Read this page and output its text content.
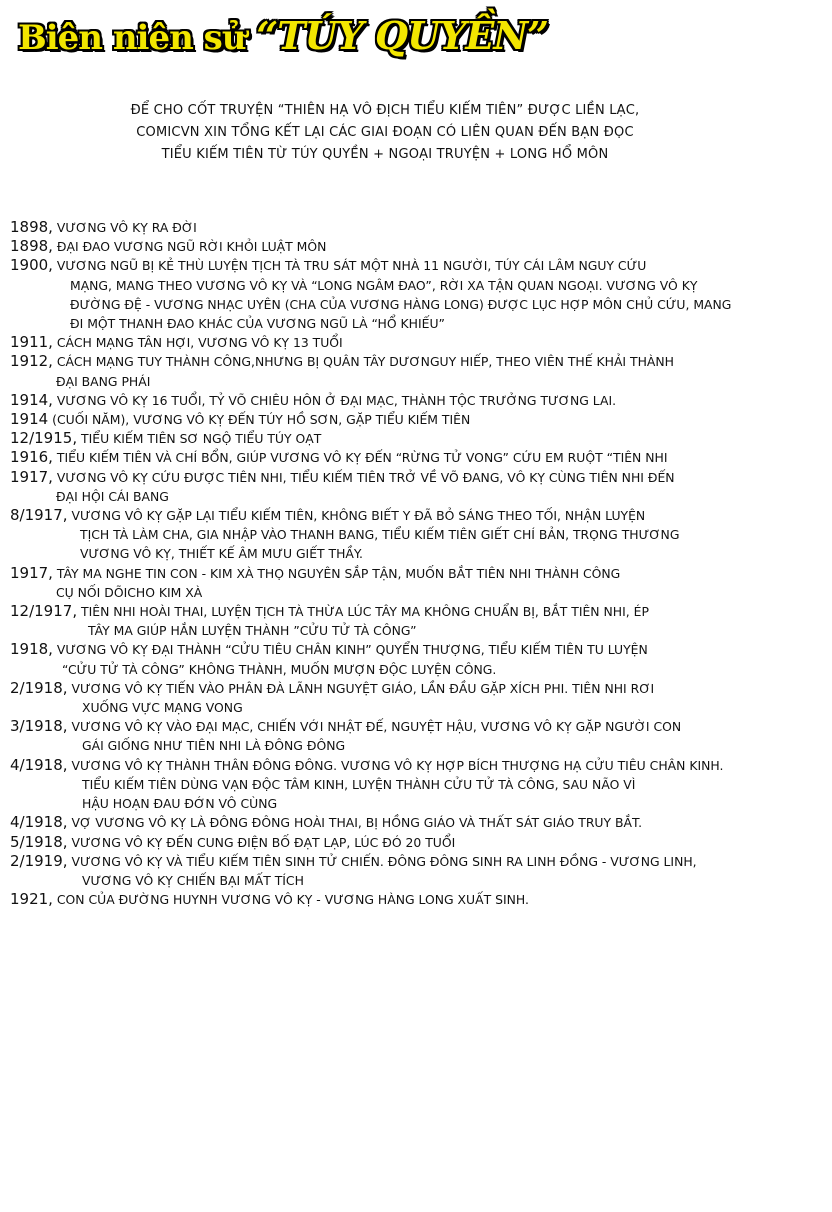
Biên niên sử “TÚY QUYỀN”
ĐỂ CHO CỐT TRUYỆN “THIÊN HẠ VÔ ĐỊCH TIỂU KIẾM TIÊN” ĐƯỢC LIỀN LẠC,
COMICVN XIN TỔNG KẾT LẠI CÁC GIAI ĐOẠN CÓ LIÊN QUAN ĐẾN BẠN ĐỌC
TIỂU KIẾM TIÊN TỪ TÚY QUYỀN + NGOẠI TRUYỆN + LONG HỔ MÔN
1898, VƯƠNG VÔ KỴ RA ĐỜI
1898, ĐẠI ĐAO VƯƠNG NGŨ RỜI KHỎI LUẬT MÔN
1900, VƯƠNG NGŨ BỊ KẺ THÙ LUYỆN TỊCH TÀ TRU SÁT MỘT NHÀ 11 NGƯỜI, TÚY CÁI LÂM NGUY CỨU
MẠNG, MANG THEO VƯƠNG VÔ KỴ VÀ “LONG NGÂM ĐAO”, RỜI XA TẬN QUAN NGOẠI. VƯƠNG VÔ KỴ
ĐƯỜNG ĐỆ - VƯƠNG NHẠC UYÊN (CHA CỦA VƯƠNG HÀNG LONG) ĐƯỢC LỤC HỢP MÔN CHỦ CỨU, MANG
ĐI MỘT THANH ĐAO KHÁC CỦA VƯƠNG NGŨ LÀ “HỔ KHIẾU”
1911, CÁCH MẠNG TÂN HỢI, VƯƠNG VÔ KỴ 13 TUỔI
1912, CÁCH MẠNG TUY THÀNH CÔNG,NHƯNG BỊ QUÂN TÂY DƯƠNGUY HIẾP, THEO VIÊN THẾ KHẢI THÀNH
ĐẠI BANG PHÁI
1914, VƯƠNG VÔ KỴ 16 TUỔI, TỶ VÕ CHIÊU HÔN Ở ĐẠI MẠC, THÀNH TỘC TRƯỞNG TƯƠNG LAI.
1914 (CUỐI NĂM), VƯƠNG VÔ KỴ ĐẾN TÚY HỒ SƠN, GẶP TIỂU KIẾM TIÊN
12/1915, TIỂU KIẾM TIÊN SƠ NGỘ TIỂU TÚY OẠT
1916, TIỂU KIẾM TIÊN VÀ CHÍ BỔN, GIÚP VƯƠNG VÔ KỴ ĐẾN “RỪNG TỬ VONG” CỨU EM RUỘT “TIÊN NHI
1917, VƯƠNG VÔ KỴ CỨU ĐƯỢC TIÊN NHI, TIỂU KIẾM TIÊN TRỞ VỀ VÕ ĐANG, VÔ KỴ CÙNG TIÊN NHI ĐẾN
ĐẠI HỘI CÁI BANG
8/1917, VƯƠNG VÔ KỴ GẶP LẠI TIỂU KIẾM TIÊN, KHÔNG BIẾT Y ĐÃ BỎ SÁNG THEO TỐI, NHẬN LUYỆN
TỊCH TÀ LÀM CHA, GIA NHẬP VÀO THANH BANG, TIỂU KIẾM TIÊN GIẾT CHÍ BẢN, TRỌNG THƯƠNG
VƯƠNG VÔ KỴ, THIẾT KẾ ÂM MƯU GIẾT THẦY.
1917, TÂY MA NGHE TIN CON - KIM XÀ THỌ NGUYÊN SẮP TẬN, MUỐN BẮT TIÊN NHI THÀNH CÔNG
CỤ NỐI DÕICHO KIM XÀ
12/1917, TIÊN NHI HOÀI THAI, LUYỆN TỊCH TÀ THỪA LÚC TÂY MA KHÔNG CHUẨN BỊ, BẮT TIÊN NHI, ÉP
TÂY MA GIÚP HẮN LUYỆN THÀNH ”CỬU TỬ TÀ CÔNG”
1918, VƯƠNG VÔ KỴ ĐẠI THÀNH “CỬU TIÊU CHÂN KINH” QUYỂN THƯỢNG, TIỂU KIẾM TIÊN TU LUYỆN
“CỬU TỬ TÀ CÔNG” KHÔNG THÀNH, MUỐN MƯỢN ĐỘC LUYỆN CÔNG.
2/1918, VƯƠNG VÔ KỴ TIẾN VÀO PHÂN ĐÀ LÃNH NGUYỆT GIÁO, LẦN ĐẦU GẶP XÍCH PHI. TIÊN NHI RƠI
XUỐNG VỰC MẠNG VONG
3/1918, VƯƠNG VÔ KỴ VÀO ĐẠI MẠC, CHIẾN VỚI NHẬT ĐẾ, NGUYỆT HẬU, VƯƠNG VÔ KỴ GẶP NGƯỜI CON
GÁI GIỐNG NHƯ TIÊN NHI LÀ ĐÔNG ĐÔNG
4/1918, VƯƠNG VÔ KỴ THÀNH THÂN ĐÔNG ĐÔNG. VƯƠNG VÔ KỴ HỢP BÍCH THƯỢNG HẠ CỬU TIÊU CHÂN KINH.
TIỂU KIẾM TIÊN DÙNG VẠN ĐỘC TÂM KINH, LUYỆN THÀNH CỬU TỬ TÀ CÔNG, SAU NÃO VÌ
HẬU HOẠN ĐAU ĐỚN VÔ CÙNG
4/1918, VỢ VƯƠNG VÔ KỴ LÀ ĐÔNG ĐÔNG HOÀI THAI, BỊ HỒNG GIÁO VÀ THẤT SÁT GIÁO TRUY BẮT.
5/1918, VƯƠNG VÔ KỴ ĐẾN CUNG ĐIỆN BỐ ĐẠT LẠP, LÚC ĐÓ 20 TUỔI
2/1919, VƯƠNG VÔ KỴ VÀ TIỂU KIẾM TIÊN SINH TỬ CHIẾN. ĐÔNG ĐÔNG SINH RA LINH ĐỒNG - VƯƠNG LINH,
VƯƠNG VÔ KỴ CHIẾN BẠI MẤT TÍCH
1921, CON CỦA ĐƯỜNG HUYNH VƯƠNG VÔ KỴ - VƯƠNG HÀNG LONG XUẤT SINH.
